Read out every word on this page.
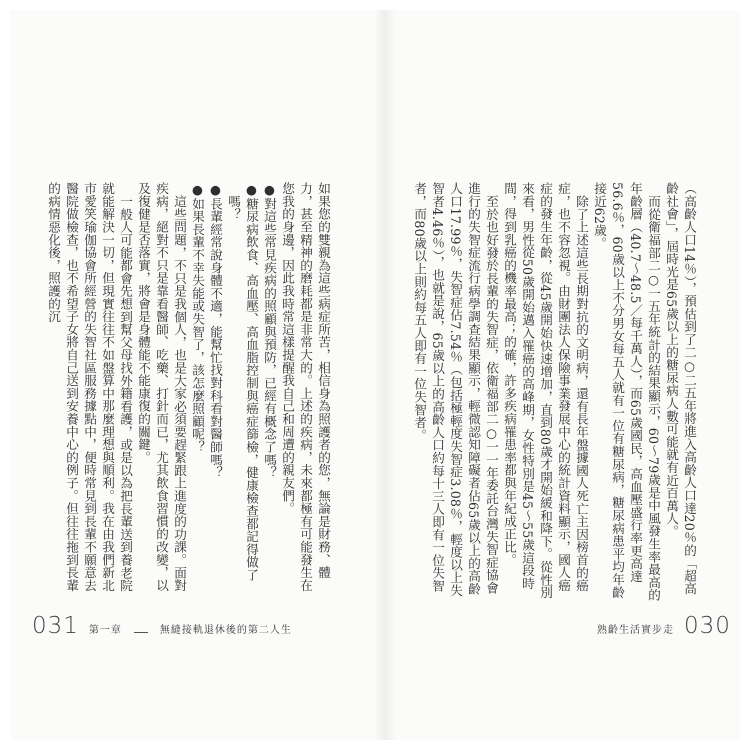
（高齡人口14％），預估到了二○二五年將進入高齡人口達20％的「超高齡社會」，屆時光是65歲以上的糖尿病人數可能就有近百萬人。

而從衛福部二○一五年統計的結果顯示，60～79歲是中風發生率最高的年齡層（40.7～48.5／每千萬人），而65歲國民，高血壓盛行率更高達56.6％，60歲以上不分男女每五人就有一位有糖尿病，糖尿病患平均年齡接近62歲。

除了上述這些長期對抗的文明病，還有長年盤據國人死亡主因榜首的癌症，也不容忽視。由財團法人保險事業發展中心的統計資料顯示，國人癌症的發生年齡，從45歲開始快速增加，直到80歲才開始緩和降下。從性別來看，男性從50歲開始邁入罹癌的高峰期，女性特別是45～55歲這段時間，得到乳癌的機率最高；的確，許多疾病罹患率都與年紀成正比。

至於也好發於長輩的失智症，依衛福部二○一一年委託台灣失智症協會進行的失智症流行病學調查結果顯示，輕微認知障礙者佔65歲以上的高齡人口17.99％，失智症佔7.54％（包括極輕度失智症3.08％，輕度以上失智者4.46％），也就是說，65歲以上的高齡人口約每十三人即有一位失智者，而80歲以上則約每五人即有一位失智者。

如果您的雙親為這些病症所苦，相信身為照護者的您，無論是財務、體力，甚至精神的磨耗都是非常大的。上述的疾病，未來都極有可能發生在您我的身邊，因此我時常這樣提醒我自己和周遭的親友們。

●對這些常見疾病的照顧與預防，已經有概念了嗎？

●糖尿病飲食、高血壓、高血脂控制與癌症篩檢，健康檢查都記得做了嗎？

●長輩經常說身體不適，能幫忙找對科看對醫師嗎？

●如果長輩不幸失能或失智了，該怎麼照顧呢？

這些問題，不只是我個人，也是大家必須要趕緊跟上進度的功課。面對疾病，絕對不只是靠看醫師、吃藥、打針而已，尤其飲食習慣的改變，以及復健是否落實，將會是身體能不能康復的關鍵。

一般人可能都會先想到幫父母找外籍看護，或是以為把長輩送到養老院就能解決一切，但現實往往不如盤算中那麼理想與順利。我在由我們新北市愛笑瑜伽協會所經營的失智社區服務據點中，便時常見到長輩不願意去醫院做檢查，也不希望子女將自己送到安養中心的例子。但往往拖到長輩的病情惡化後，照護的沉

031 第一章	無縫接軌退休後的第二人生	熟齡生活實步走 030
